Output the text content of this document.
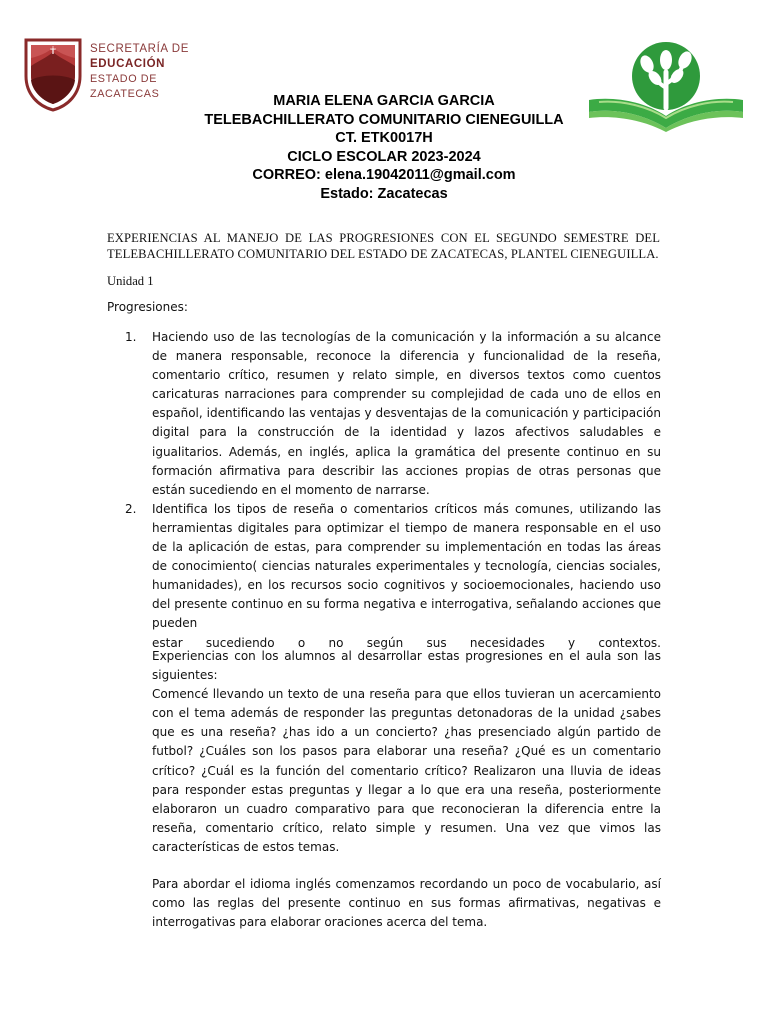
SECRETARÍA DE
EDUCACIÓN
ESTADO DE ZACATECAS	MARIA ELENA GARCIA GARCIA
TELEBACHILLERATO COMUNITARIO CIENEGUILLA
CT. ETK0017H
CICLO ESCOLAR 2023-2024
CORREO: elena.19042011@gmail.com
Estado: Zacatecas
EXPERIENCIAS AL MANEJO DE LAS PROGRESIONES CON EL SEGUNDO SEMESTRE DEL TELEBACHILLERATO COMUNITARIO DEL ESTADO DE ZACATECAS, PLANTEL CIENEGUILLA.
Unidad 1
Progresiones:
1. Haciendo uso de las tecnologías de la comunicación y la información a su alcance de manera responsable, reconoce la diferencia y funcionalidad de la reseña, comentario crítico, resumen y relato simple, en diversos textos como cuentos caricaturas narraciones para comprender su complejidad de cada uno de ellos en español, identificando las ventajas y desventajas de la comunicación y participación digital para la construcción de la identidad y lazos afectivos saludables e igualitarios. Además, en inglés, aplica la gramática del presente continuo en su formación afirmativa para describir las acciones propias de otras personas que están sucediendo en el momento de narrarse.
2. Identifica los tipos de reseña o comentarios críticos más comunes, utilizando las herramientas digitales para optimizar el tiempo de manera responsable en el uso de la aplicación de estas, para comprender su implementación en todas las áreas de conocimiento( ciencias naturales experimentales y tecnología, ciencias sociales, humanidades), en los recursos socio cognitivos y socioemocionales, haciendo uso del presente continuo en su forma negativa e interrogativa, señalando acciones que pueden
estar sucediendo o no según sus necesidades y contextos.

Experiencias con los alumnos al desarrollar estas progresiones en el aula son las siguientes:

Comencé llevando un texto de una reseña para que ellos tuvieran un acercamiento con el tema además de responder las preguntas detonadoras de la unidad ¿sabes que es una reseña? ¿has ido a un concierto? ¿has presenciado algún partido de futbol? ¿Cuáles son los pasos para elaborar una reseña? ¿Qué es un comentario crítico? ¿Cuál es la función del comentario crítico? Realizaron una lluvia de ideas para responder estas preguntas y llegar a lo que era una reseña, posteriormente elaboraron un cuadro comparativo para que reconocieran la diferencia entre la reseña, comentario crítico, relato simple y resumen. Una vez que vimos las características de estos temas.

Para abordar el idioma inglés comenzamos recordando un poco de vocabulario, así como las reglas del presente continuo en sus formas afirmativas, negativas e interrogativas para elaborar oraciones acerca del tema.
